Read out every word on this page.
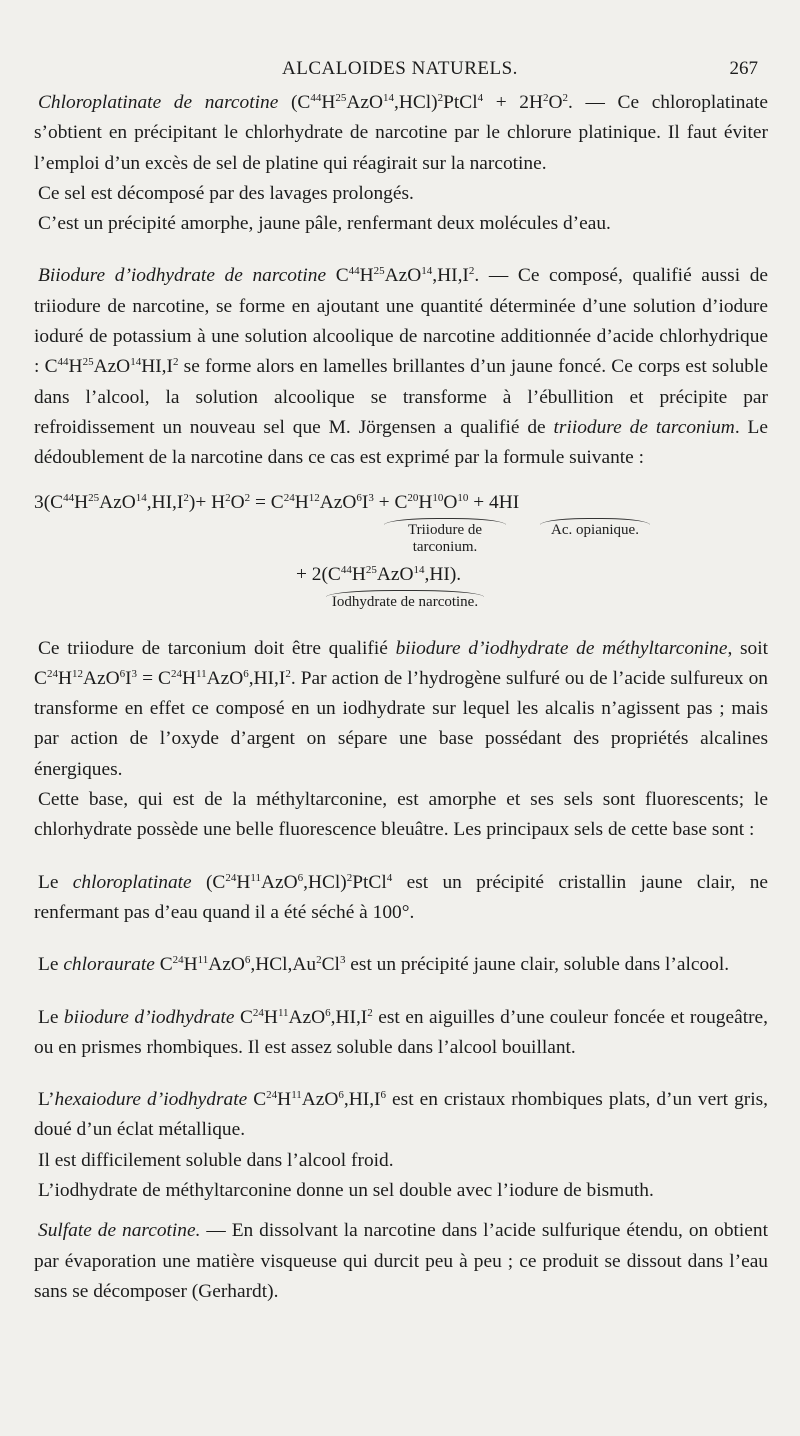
ALCALOIDES NATURELS.	267

Chloroplatinate de narcotine $(C^{44}H^{25}AzO^{14},HCl)^2PtCl^4 + 2H^2O^2$. — Ce chloroplatinate s’obtient en précipitant le chlorhydrate de narcotine par le chlorure platinique. Il faut éviter l’emploi d’un excès de sel de platine qui réagirait sur la narcotine.

Ce sel est décomposé par des lavages prolongés.

C’est un précipité amorphe, jaune pâle, renfermant deux molécules d’eau.

Biiodure d’iodhydrate de narcotine $C^{44}H^{25}AzO^{14},HI,I^2$. — Ce composé, qualifié aussi de triiodure de narcotine, se forme en ajoutant une quantité déterminée d’une solution d’iodure ioduré de potassium à une solution alcoolique de narcotine additionnée d’acide chlorhydrique : $C^{44}H^{25}AzO^{14}HI,I^2$ se forme alors en lamelles brillantes d’un jaune foncé. Ce corps est soluble dans l’alcool, la solution alcoolique se transforme à l’ébullition et précipite par refroidissement un nouveau sel que M. Jörgensen a qualifié de triiodure de tarconium. Le dédoublement de la narcotine dans ce cas est exprimé par la formule suivante :

$3(C^{44}H^{25}AzO^{14},HI,I^2)+ H^2O^2 = C^{24}H^{12}AzO^6I^3 + C^{20}H^{10}O^{10} + 4HI$
Triiodure de
tarconium.
Ac. opianique.
+ $2(C^{44}H^{25}AzO^{14},HI)$.
Iodhydrate de narcotine.

Ce triiodure de tarconium doit être qualifié biiodure d’iodhydrate de méthyltarconine, soit $C^{24}H^{12}AzO^6I^3 = C^{24}H^{11}AzO^6,HI,I^2$. Par action de l’hydrogène sulfuré ou de l’acide sulfureux on transforme en effet ce composé en un iodhydrate sur lequel les alcalis n’agissent pas ; mais par action de l’oxyde d’argent on sépare une base possédant des propriétés alcalines énergiques.

Cette base, qui est de la méthyltarconine, est amorphe et ses sels sont fluorescents; le chlorhydrate possède une belle fluorescence bleuâtre. Les principaux sels de cette base sont :

Le chloroplatinate $(C^{24}H^{11}AzO^6,HCl)^2PtCl^4$ est un précipité cristallin jaune clair, ne renfermant pas d’eau quand il a été séché à 100°.

Le chloraurate $C^{24}H^{11}AzO^6,HCl,Au^2Cl^3$ est un précipité jaune clair, soluble dans l’alcool.

Le biiodure d’iodhydrate $C^{24}H^{11}AzO^6,HI,I^2$ est en aiguilles d’une couleur foncée et rougeâtre, ou en prismes rhombiques. Il est assez soluble dans l’alcool bouillant.

L’hexaiodure d’iodhydrate $C^{24}H^{11}AzO^6,HI,I^6$ est en cristaux rhombiques plats, d’un vert gris, doué d’un éclat métallique.

Il est difficilement soluble dans l’alcool froid.

L’iodhydrate de méthyltarconine donne un sel double avec l’iodure de bismuth.

Sulfate de narcotine. — En dissolvant la narcotine dans l’acide sulfurique étendu, on obtient par évaporation une matière visqueuse qui durcit peu à peu ; ce produit se dissout dans l’eau sans se décomposer (Gerhardt).
